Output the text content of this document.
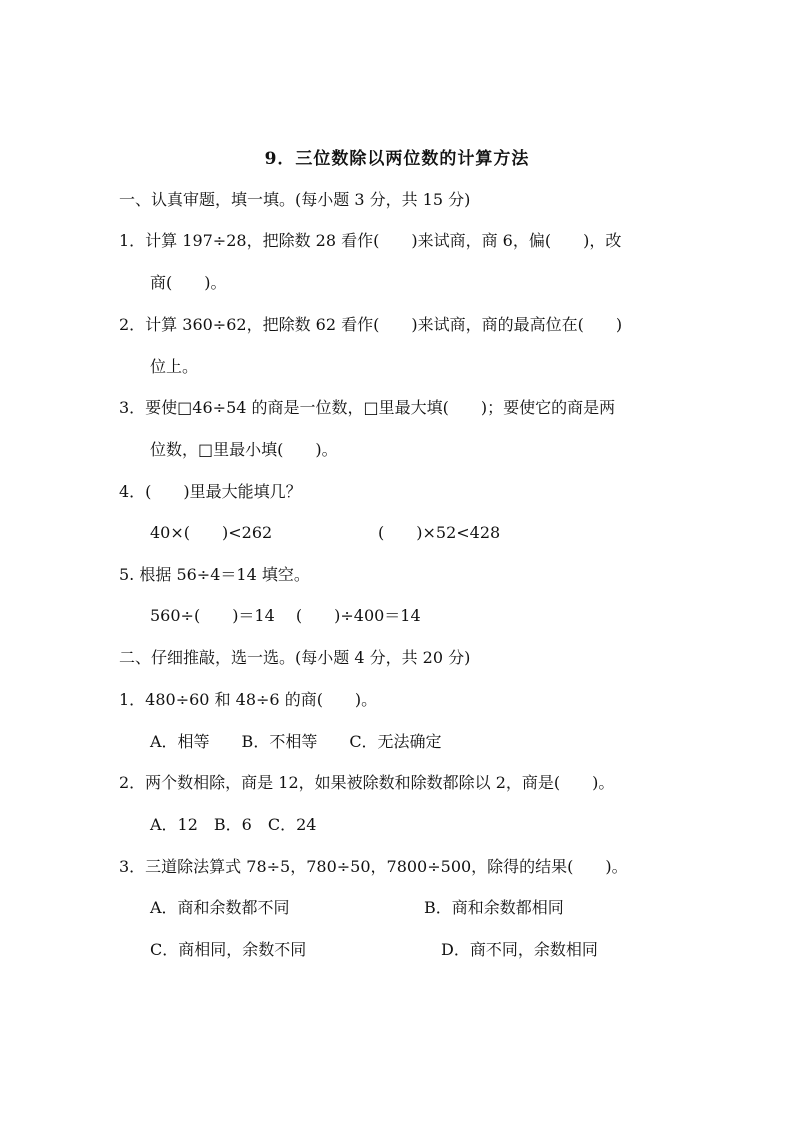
9．三位数除以两位数的计算方法
一、认真审题，填一填。(每小题 3 分，共 15 分)
1．计算 197÷28，把除数 28 看作(　　)来试商，商 6，偏(　　)，改
商(　　)。
2．计算 360÷62，把除数 62 看作(　　)来试商，商的最高位在(　　)
位上。
3．要使□46÷54 的商是一位数，□里最大填(　　)；要使它的商是两
位数，□里最小填(　　)。
4．(　　)里最大能填几？
40×(　　)<262	(　　)×52<428
5. 根据 56÷4＝14 填空。
560÷(　　)＝14　 (　　)÷400＝14
二、仔细推敲，选一选。(每小题 4 分，共 20 分)
1．480÷60 和 48÷6 的商(　　)。
A．相等　　B．不相等　　C．无法确定
2．两个数相除，商是 12，如果被除数和除数都除以 2，商是(　　)。
A．12　B．6　C．24
3．三道除法算式 78÷5，780÷50，7800÷500，除得的结果(　　)。
A．商和余数都不同	B．商和余数都相同
C．商相同，余数不同	D．商不同，余数相同
